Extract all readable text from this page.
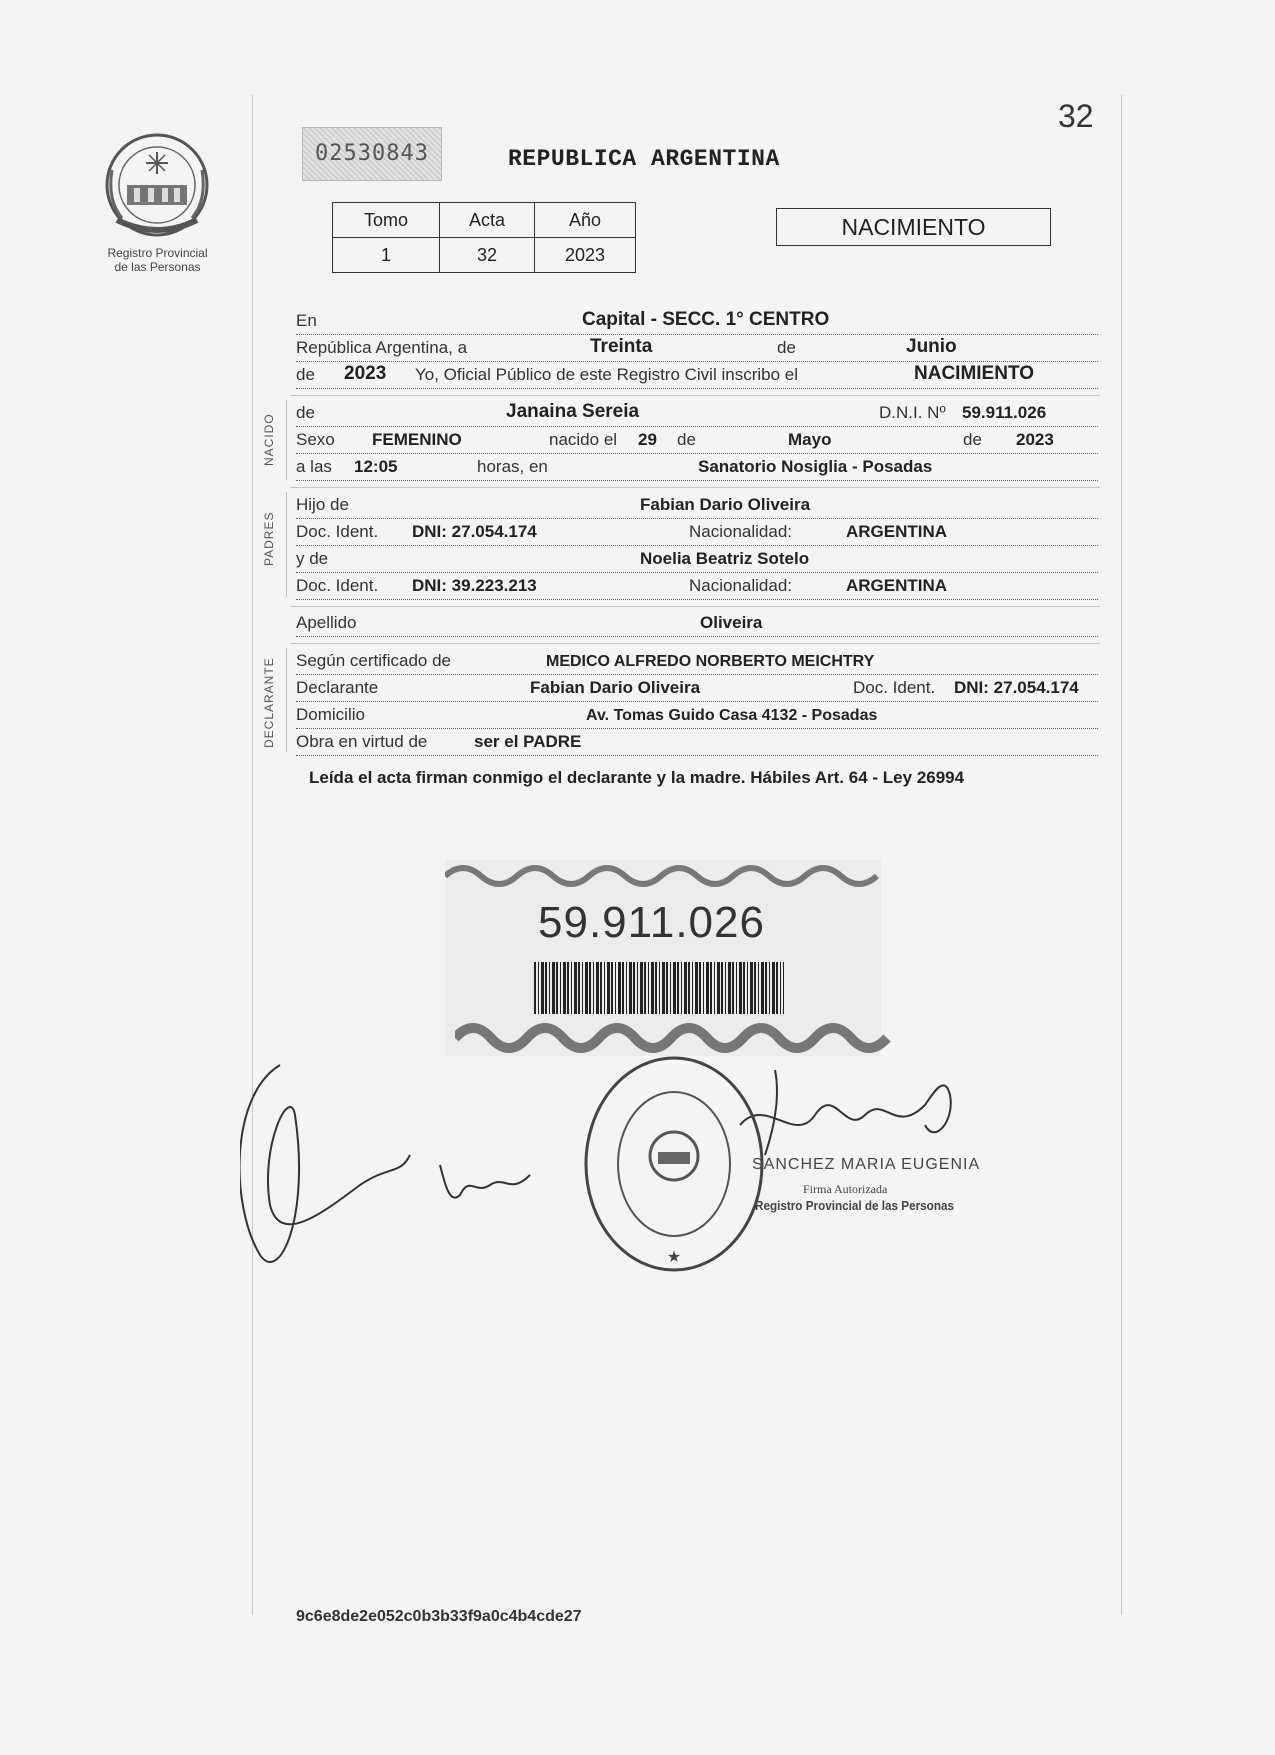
32
Registro Provincial
de las Personas
02530843	REPUBLICA ARGENTINA
Tomo	Acta	Año
1	32	2023
NACIMIENTO
En	Capital - SECC. 1° CENTRO
República Argentina, a	Treinta	de	Junio
de 2023 Yo, Oficial Público de este Registro Civil inscribo el	NACIMIENTO
NACIDO
de	Janaina Sereia	D.N.I. Nº 59.911.026
Sexo FEMENINO	nacido el 29 de	Mayo	de 2023
a las 12:05	horas, en	Sanatorio Nosiglia - Posadas
PADRES
Hijo de	Fabian Dario Oliveira
Doc. Ident. DNI: 27.054.174	Nacionalidad:	ARGENTINA
y de	Noelia Beatriz Sotelo
Doc. Ident. DNI: 39.223.213	Nacionalidad:	ARGENTINA
Apellido	Oliveira
DECLARANTE Según certificado de	MEDICO ALFREDO NORBERTO MEICHTRY
Declarante	Fabian Dario Oliveira	Doc. Ident. DNI: 27.054.174
Domicilio	Av. Tomas Guido Casa 4132 - Posadas
Obra en virtud de	ser el PADRE
Leída el acta firman conmigo el declarante y la madre. Hábiles Art. 64 - Ley 26994
59.911.026
★
SANCHEZ MARIA EUGENIA
Firma Autorizada
Registro Provincial de las Personas
9c6e8de2e052c0b3b33f9a0c4b4cde27
